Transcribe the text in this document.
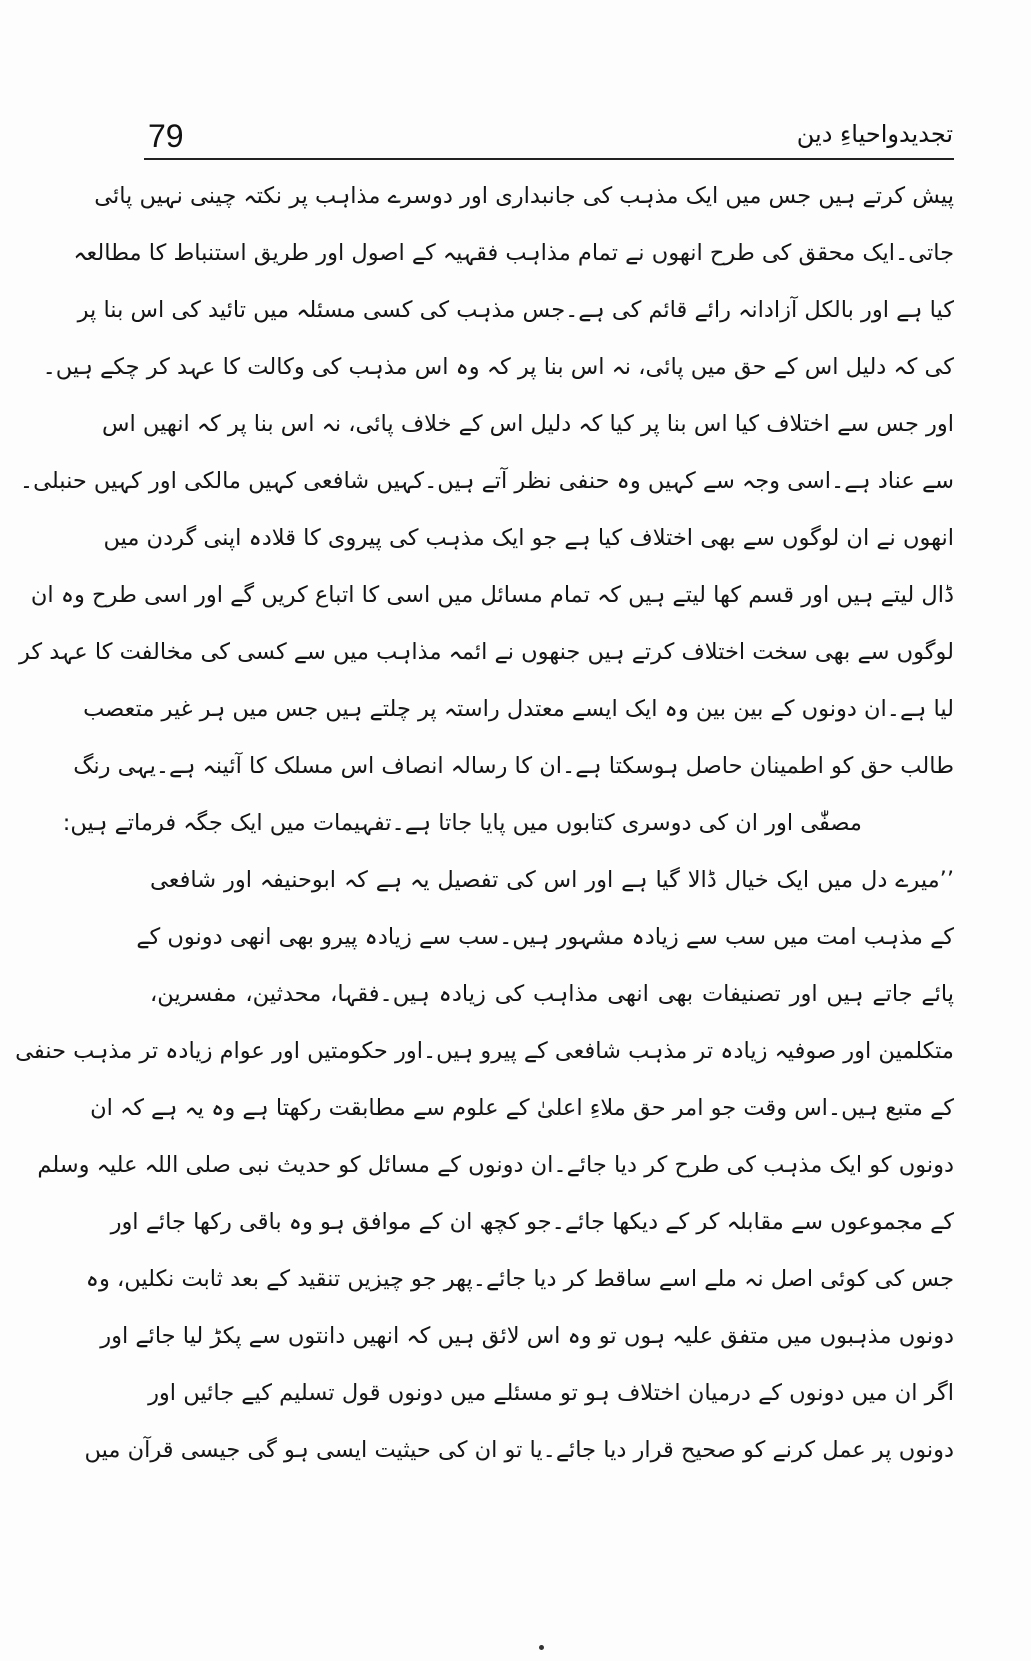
79	تجدیدواحیاءِ دین
پیش کرتے ہیں جس میں ایک مذہب کی جانبداری اور دوسرے مذاہب پر نکتہ چینی نہیں پائی
جاتی۔ایک محقق کی طرح انھوں نے تمام مذاہب فقہیہ کے اصول اور طریق استنباط کا مطالعہ
کیا ہے اور بالکل آزادانہ رائے قائم کی ہے۔جس مذہب کی کسی مسئلہ میں تائید کی اس بنا پر
کی کہ دلیل اس کے حق میں پائی، نہ اس بنا پر کہ وہ اس مذہب کی وکالت کا عہد کر چکے ہیں۔
اور جس سے اختلاف کیا اس بنا پر کیا کہ دلیل اس کے خلاف پائی، نہ اس بنا پر کہ انھیں اس
سے عناد ہے۔اسی وجہ سے کہیں وہ حنفی نظر آتے ہیں۔کہیں شافعی کہیں مالکی اور کہیں حنبلی۔
انھوں نے ان لوگوں سے بھی اختلاف کیا ہے جو ایک مذہب کی پیروی کا قلادہ اپنی گردن میں
ڈال لیتے ہیں اور قسم کھا لیتے ہیں کہ تمام مسائل میں اسی کا اتباع کریں گے اور اسی طرح وہ ان
لوگوں سے بھی سخت اختلاف کرتے ہیں جنھوں نے ائمہ مذاہب میں سے کسی کی مخالفت کا عہد کر
لیا ہے۔ان دونوں کے بین بین وہ ایک ایسے معتدل راستہ پر چلتے ہیں جس میں ہر غیر متعصب
طالب حق کو اطمینان حاصل ہوسکتا ہے۔ان کا رسالہ انصاف اس مسلک کا آئینہ ہے۔یہی رنگ
مصفّٰی اور ان کی دوسری کتابوں میں پایا جاتا ہے۔تفہیمات میں ایک جگہ فرماتے ہیں:
’’میرے دل میں ایک خیال ڈالا گیا ہے اور اس کی تفصیل یہ ہے کہ ابوحنیفہ اور شافعی
کے مذہب امت میں سب سے زیادہ مشہور ہیں۔سب سے زیادہ پیرو بھی انھی دونوں کے
پائے جاتے ہیں اور تصنیفات بھی انھی مذاہب کی زیادہ ہیں۔فقہا، محدثین، مفسرین،
متکلمین اور صوفیہ زیادہ تر مذہب شافعی کے پیرو ہیں۔اور حکومتیں اور عوام زیادہ تر مذہب حنفی
کے متبع ہیں۔اس وقت جو امر حق ملاءِ اعلیٰ کے علوم سے مطابقت رکھتا ہے وہ یہ ہے کہ ان
دونوں کو ایک مذہب کی طرح کر دیا جائے۔ان دونوں کے مسائل کو حدیث نبی صلی اللہ علیہ وسلم
کے مجموعوں سے مقابلہ کر کے دیکھا جائے۔جو کچھ ان کے موافق ہو وہ باقی رکھا جائے اور
جس کی کوئی اصل نہ ملے اسے ساقط کر دیا جائے۔پھر جو چیزیں تنقید کے بعد ثابت نکلیں، وہ
دونوں مذہبوں میں متفق علیہ ہوں تو وہ اس لائق ہیں کہ انھیں دانتوں سے پکڑ لیا جائے اور
اگر ان میں دونوں کے درمیان اختلاف ہو تو مسئلے میں دونوں قول تسلیم کیے جائیں اور
دونوں پر عمل کرنے کو صحیح قرار دیا جائے۔یا تو ان کی حیثیت ایسی ہو گی جیسی قرآن میں
